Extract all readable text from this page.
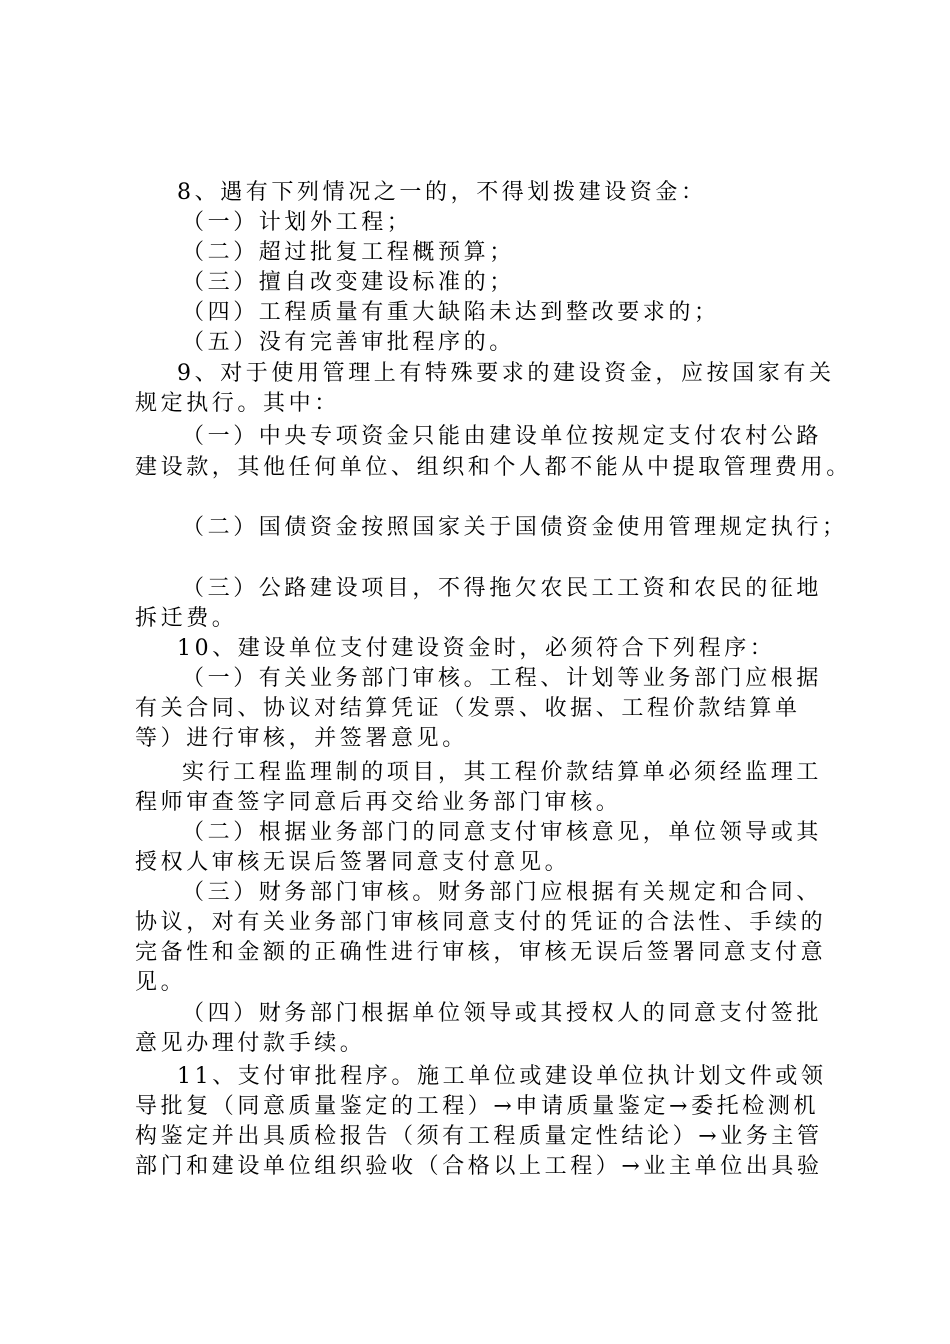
8、遇有下列情况之一的，不得划拨建设资金：
（一）计划外工程；
（二）超过批复工程概预算；
（三）擅自改变建设标准的；
（四）工程质量有重大缺陷未达到整改要求的；
（五）没有完善审批程序的。
9、对于使用管理上有特殊要求的建设资金，应按国家有关
规定执行。其中：
（一）中央专项资金只能由建设单位按规定支付农村公路
建设款，其他任何单位、组织和个人都不能从中提取管理费用。
（二）国债资金按照国家关于国债资金使用管理规定执行；
（三）公路建设项目，不得拖欠农民工工资和农民的征地
拆迁费。
10、建设单位支付建设资金时，必须符合下列程序：
（一）有关业务部门审核。工程、计划等业务部门应根据
有关合同、协议对结算凭证（发票、收据、工程价款结算单
等）进行审核，并签署意见。
实行工程监理制的项目，其工程价款结算单必须经监理工
程师审查签字同意后再交给业务部门审核。
（二）根据业务部门的同意支付审核意见，单位领导或其
授权人审核无误后签署同意支付意见。
（三）财务部门审核。财务部门应根据有关规定和合同、
协议，对有关业务部门审核同意支付的凭证的合法性、手续的
完备性和金额的正确性进行审核，审核无误后签署同意支付意
见。
（四）财务部门根据单位领导或其授权人的同意支付签批
意见办理付款手续。
11、支付审批程序。施工单位或建设单位执计划文件或领
导批复（同意质量鉴定的工程）→申请质量鉴定→委托检测机
构鉴定并出具质检报告（须有工程质量定性结论）→业务主管
部门和建设单位组织验收（合格以上工程）→业主单位出具验
